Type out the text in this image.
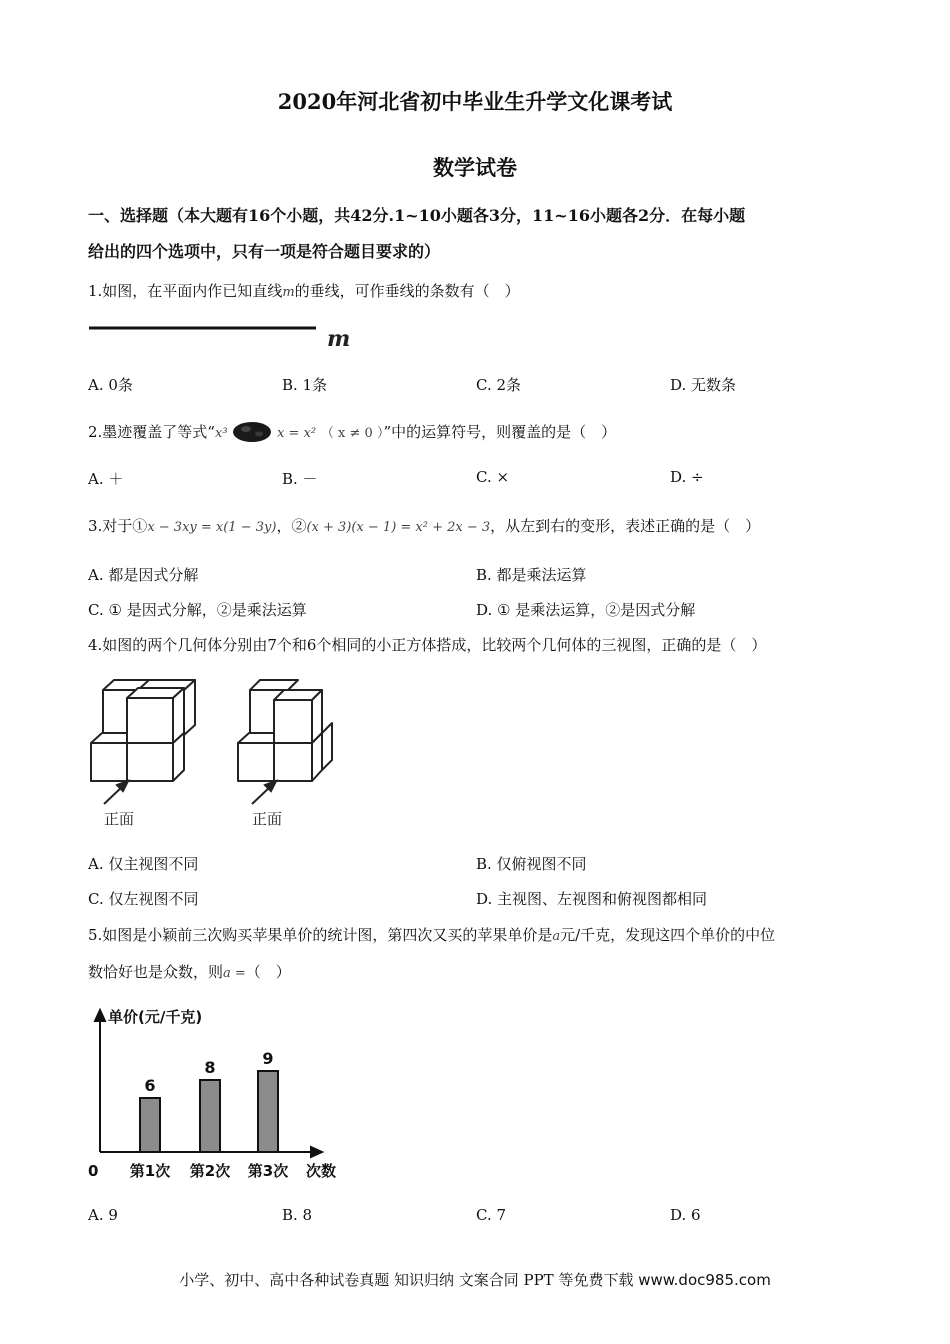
2020年河北省初中毕业生升学文化课考试
数学试卷
一、选择题（本大题有16个小题，共42分.1~10小题各3分，11~16小题各2分．在每小题
给出的四个选项中，只有一项是符合题目要求的）
1.如图，在平面内作已知直线m的垂线，可作垂线的条数有（　）
m
A. 0条	B. 1条	C. 2条	D. 无数条
2.墨迹覆盖了等式“x³	x = x² （ x ≠ 0 ）”中的运算符号，则覆盖的是（　）
A. ＋	B. －	C. ×	D. ÷
3.对于①x − 3xy = x(1 − 3y)，②(x + 3)(x − 1) = x² + 2x − 3，从左到右的变形，表述正确的是（　）
A. 都是因式分解	B. 都是乘法运算
C. ① 是因式分解，②是乘法运算	D. ① 是乘法运算，②是因式分解
4.如图的两个几何体分别由7个和6个相同的小正方体搭成，比较两个几何体的三视图，正确的是（　）
正面	正面
A. 仅主视图不同	B. 仅俯视图不同
C. 仅左视图不同	D. 主视图、左视图和俯视图都相同
5.如图是小颖前三次购买苹果单价的统计图，第四次又买的苹果单价是a元/千克，发现这四个单价的中位
数恰好也是众数，则a =（　）
单价(元/千克)
0	次数
6
第1次
8
第2次
9
第3次
A. 9	B. 8	C. 7	D. 6
小学、初中、高中各种试卷真题 知识归纳 文案合同 PPT 等免费下载 www.doc985.com
